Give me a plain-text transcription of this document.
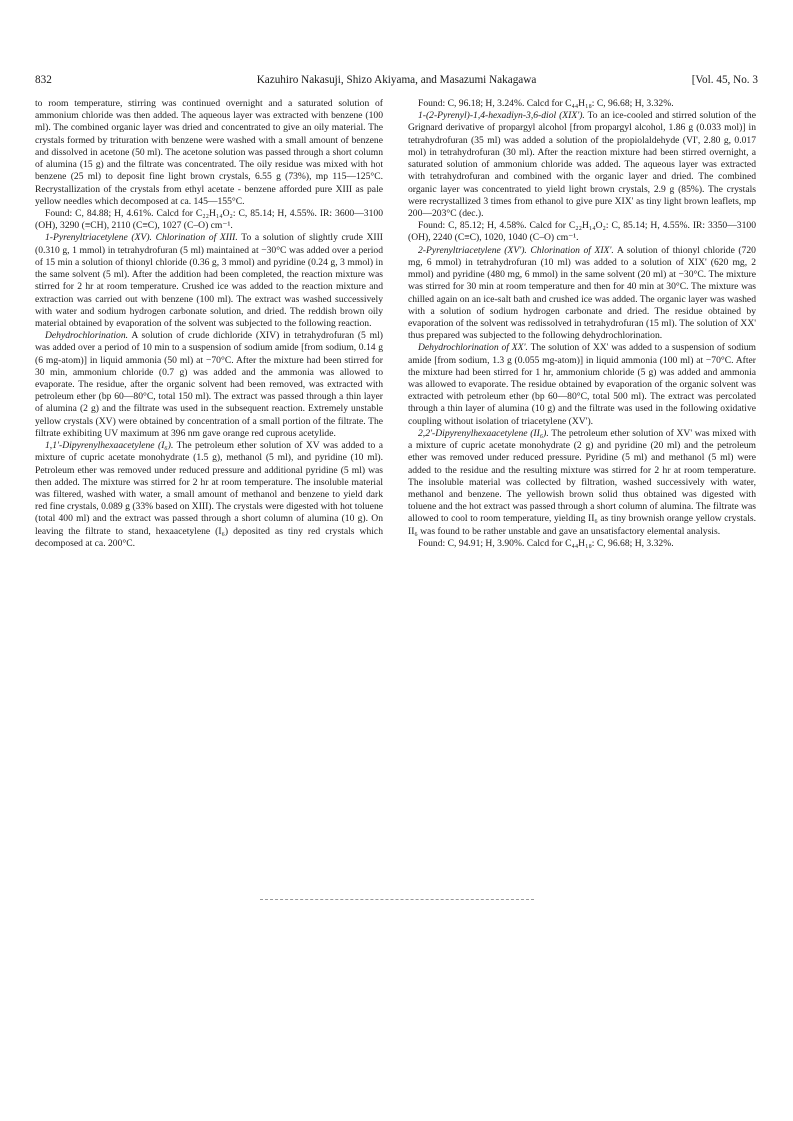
832	Kazuhiro Nakasuji, Shizo Akiyama, and Masazumi Nakagawa	[Vol. 45, No. 3

to room temperature, stirring was continued overnight and a saturated solution of ammonium chloride was then added. The aqueous layer was extracted with benzene (100 ml). The combined organic layer was dried and concentrated to give an oily material. The crystals formed by trituration with benzene were washed with a small amount of benzene and dissolved in acetone (50 ml). The acetone solution was passed through a short column of alumina (15 g) and the filtrate was concentrated. The oily residue was mixed with hot benzene (25 ml) to deposit fine light brown crystals, 6.55 g (73%), mp 115—125°C. Recrystallization of the crystals from ethyl acetate - benzene afforded pure XIII as pale yellow needles which decomposed at ca. 145—155°C.

Found: C, 84.88; H, 4.61%. Calcd for C₂₂H₁₄O₂: C, 85.14; H, 4.55%. IR: 3600—3100 (OH), 3290 (≡CH), 2110 (C≡C), 1027 (C–O) cm⁻¹.

1-Pyrenyltriacetylene (XV). Chlorination of XIII. To a solution of slightly crude XIII (0.310 g, 1 mmol) in tetrahydrofuran (5 ml) maintained at −30°C was added over a period of 15 min a solution of thionyl chloride (0.36 g, 3 mmol) and pyridine (0.24 g, 3 mmol) in the same solvent (5 ml). After the addition had been completed, the reaction mixture was stirred for 2 hr at room temperature. Crushed ice was added to the reaction mixture and extraction was carried out with benzene (100 ml). The extract was washed successively with water and sodium hydrogen carbonate solution, and dried. The reddish brown oily material obtained by evaporation of the solvent was subjected to the following reaction.

Dehydrochlorination. A solution of crude dichloride (XIV) in tetrahydrofuran (5 ml) was added over a period of 10 min to a suspension of sodium amide [from sodium, 0.14 g (6 mg-atom)] in liquid ammonia (50 ml) at −70°C. After the mixture had been stirred for 30 min, ammonium chloride (0.7 g) was added and the ammonia was allowed to evaporate. The residue, after the organic solvent had been removed, was extracted with petroleum ether (bp 60—80°C, total 150 ml). The extract was passed through a thin layer of alumina (2 g) and the filtrate was used in the subsequent reaction. Extremely unstable yellow crystals (XV) were obtained by concentration of a small portion of the filtrate. The filtrate exhibiting UV maximum at 396 nm gave orange red cuprous acetylide.

1,1'-Dipyrenylhexaacetylene (I₆). The petroleum ether solution of XV was added to a mixture of cupric acetate monohydrate (1.5 g), methanol (5 ml), and pyridine (10 ml). Petroleum ether was removed under reduced pressure and additional pyridine (5 ml) was then added. The mixture was stirred for 2 hr at room temperature. The insoluble material was filtered, washed with water, a small amount of methanol and benzene to yield dark red fine crystals, 0.089 g (33% based on XIII). The crystals were digested with hot toluene (total 400 ml) and the extract was passed through a short column of alumina (10 g). On leaving the filtrate to stand, hexaacetylene (I₆) deposited as tiny red crystals which decomposed at ca. 200°C.

Found: C, 96.18; H, 3.24%. Calcd for C₄₄H₁₈: C, 96.68; H, 3.32%.

1-(2-Pyrenyl)-1,4-hexadiyn-3,6-diol (XIX'). To an ice-cooled and stirred solution of the Grignard derivative of propargyl alcohol [from propargyl alcohol, 1.86 g (0.033 mol)] in tetrahydrofuran (35 ml) was added a solution of the propiolaldehyde (VI', 2.80 g, 0.017 mol) in tetrahydrofuran (30 ml). After the reaction mixture had been stirred overnight, a saturated solution of ammonium chloride was added. The aqueous layer was extracted with tetrahydrofuran and combined with the organic layer and dried. The combined organic layer was concentrated to yield light brown crystals, 2.9 g (85%). The crystals were recrystallized 3 times from ethanol to give pure XIX' as tiny light brown leaflets, mp 200—203°C (dec.).

Found: C, 85.12; H, 4.58%. Calcd for C₂₂H₁₄O₂: C, 85.14; H, 4.55%. IR: 3350—3100 (OH), 2240 (C≡C), 1020, 1040 (C–O) cm⁻¹.

2-Pyrenyltriacetylene (XV'). Chlorination of XIX'. A solution of thionyl chloride (720 mg, 6 mmol) in tetrahydrofuran (10 ml) was added to a solution of XIX' (620 mg, 2 mmol) and pyridine (480 mg, 6 mmol) in the same solvent (20 ml) at −30°C. The mixture was stirred for 30 min at room temperature and then for 40 min at 30°C. The mixture was chilled again on an ice-salt bath and crushed ice was added. The organic layer was washed with a solution of sodium hydrogen carbonate and dried. The residue obtained by evaporation of the solvent was redissolved in tetrahydrofuran (15 ml). The solution of XX' thus prepared was subjected to the following dehydrochlorination.

Dehydrochlorination of XX'. The solution of XX' was added to a suspension of sodium amide [from sodium, 1.3 g (0.055 mg-atom)] in liquid ammonia (100 ml) at −70°C. After the mixture had been stirred for 1 hr, ammonium chloride (5 g) was added and ammonia was allowed to evaporate. The residue obtained by evaporation of the organic solvent was extracted with petroleum ether (bp 60—80°C, total 500 ml). The extract was percolated through a thin layer of alumina (10 g) and the filtrate was used in the following oxidative coupling without isolation of triacetylene (XV').

2,2'-Dipyrenylhexaacetylene (II₆). The petroleum ether solution of XV' was mixed with a mixture of cupric acetate monohydrate (2 g) and pyridine (20 ml) and the petroleum ether was removed under reduced pressure. Pyridine (5 ml) and methanol (5 ml) were added to the residue and the resulting mixture was stirred for 2 hr at room temperature. The insoluble material was collected by filtration, washed successively with water, methanol and benzene. The yellowish brown solid thus obtained was digested with toluene and the hot extract was passed through a short column of alumina. The filtrate was allowed to cool to room temperature, yielding II₆ as tiny brownish orange yellow crystals. II₆ was found to be rather unstable and gave an unsatisfactory elemental analysis.

Found: C, 94.91; H, 3.90%. Calcd for C₄₄H₁₈: C, 96.68; H, 3.32%.
